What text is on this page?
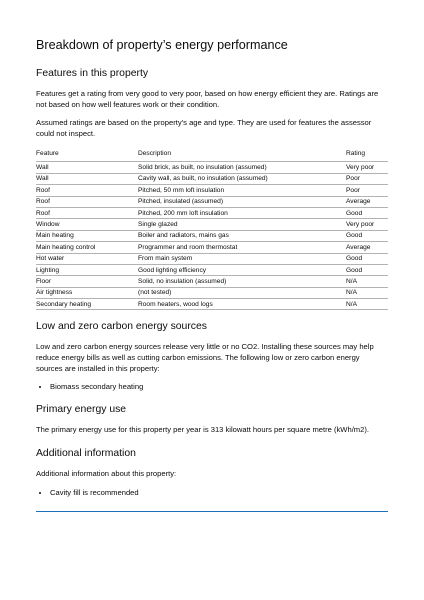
Breakdown of property’s energy performance
Features in this property

Features get a rating from very good to very poor, based on how energy efficient they are. Ratings are not based on how well features work or their condition.

Assumed ratings are based on the property’s age and type. They are used for features the assessor could not inspect.

Feature	Description	Rating
Wall	Solid brick, as built, no insulation (assumed)	Very poor
Wall	Cavity wall, as built, no insulation (assumed)	Poor
Roof	Pitched, 50 mm loft insulation	Poor
Roof	Pitched, insulated (assumed)	Average
Roof	Pitched, 200 mm loft insulation	Good
Window	Single glazed	Very poor
Main heating	Boiler and radiators, mains gas	Good
Main heating control	Programmer and room thermostat	Average
Hot water	From main system	Good
Lighting	Good lighting efficiency	Good
Floor	Solid, no insulation (assumed)	N/A
Air tightness	(not tested)	N/A
Secondary heating	Room heaters, wood logs	N/A
Low and zero carbon energy sources

Low and zero carbon energy sources release very little or no CO2. Installing these sources may help reduce energy bills as well as cutting carbon emissions. The following low or zero carbon energy sources are installed in this property:

• Biomass secondary heating
Primary energy use

The primary energy use for this property per year is 313 kilowatt hours per square metre (kWh/m2).

Additional information

Additional information about this property:

• Cavity fill is recommended
